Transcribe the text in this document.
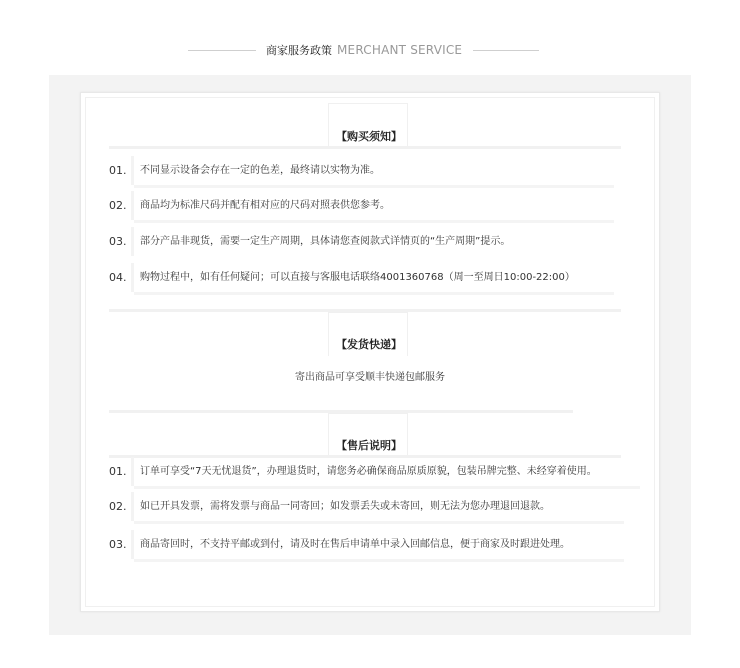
商家服务政策 MERCHANT SERVICE
【购买须知】
01.	不同显示设备会存在一定的色差，最终请以实物为准。
02.	商品均为标准尺码并配有相对应的尺码对照表供您参考。
03.	部分产品非现货，需要一定生产周期，具体请您查阅款式详情页的“生产周期”提示。
04.	购物过程中，如有任何疑问；可以直接与客服电话联络4001360768（周一至周日10:00-22:00）
【发货快递】
寄出商品可享受顺丰快递包邮服务
【售后说明】
01.	订单可享受“7天无忧退货”，办理退货时，请您务必确保商品原质原貌，包装吊牌完整、未经穿着使用。
02.	如已开具发票，需将发票与商品一同寄回；如发票丢失或未寄回，则无法为您办理退回退款。
03.	商品寄回时，不支持平邮或到付，请及时在售后申请单中录入回邮信息，便于商家及时跟进处理。
